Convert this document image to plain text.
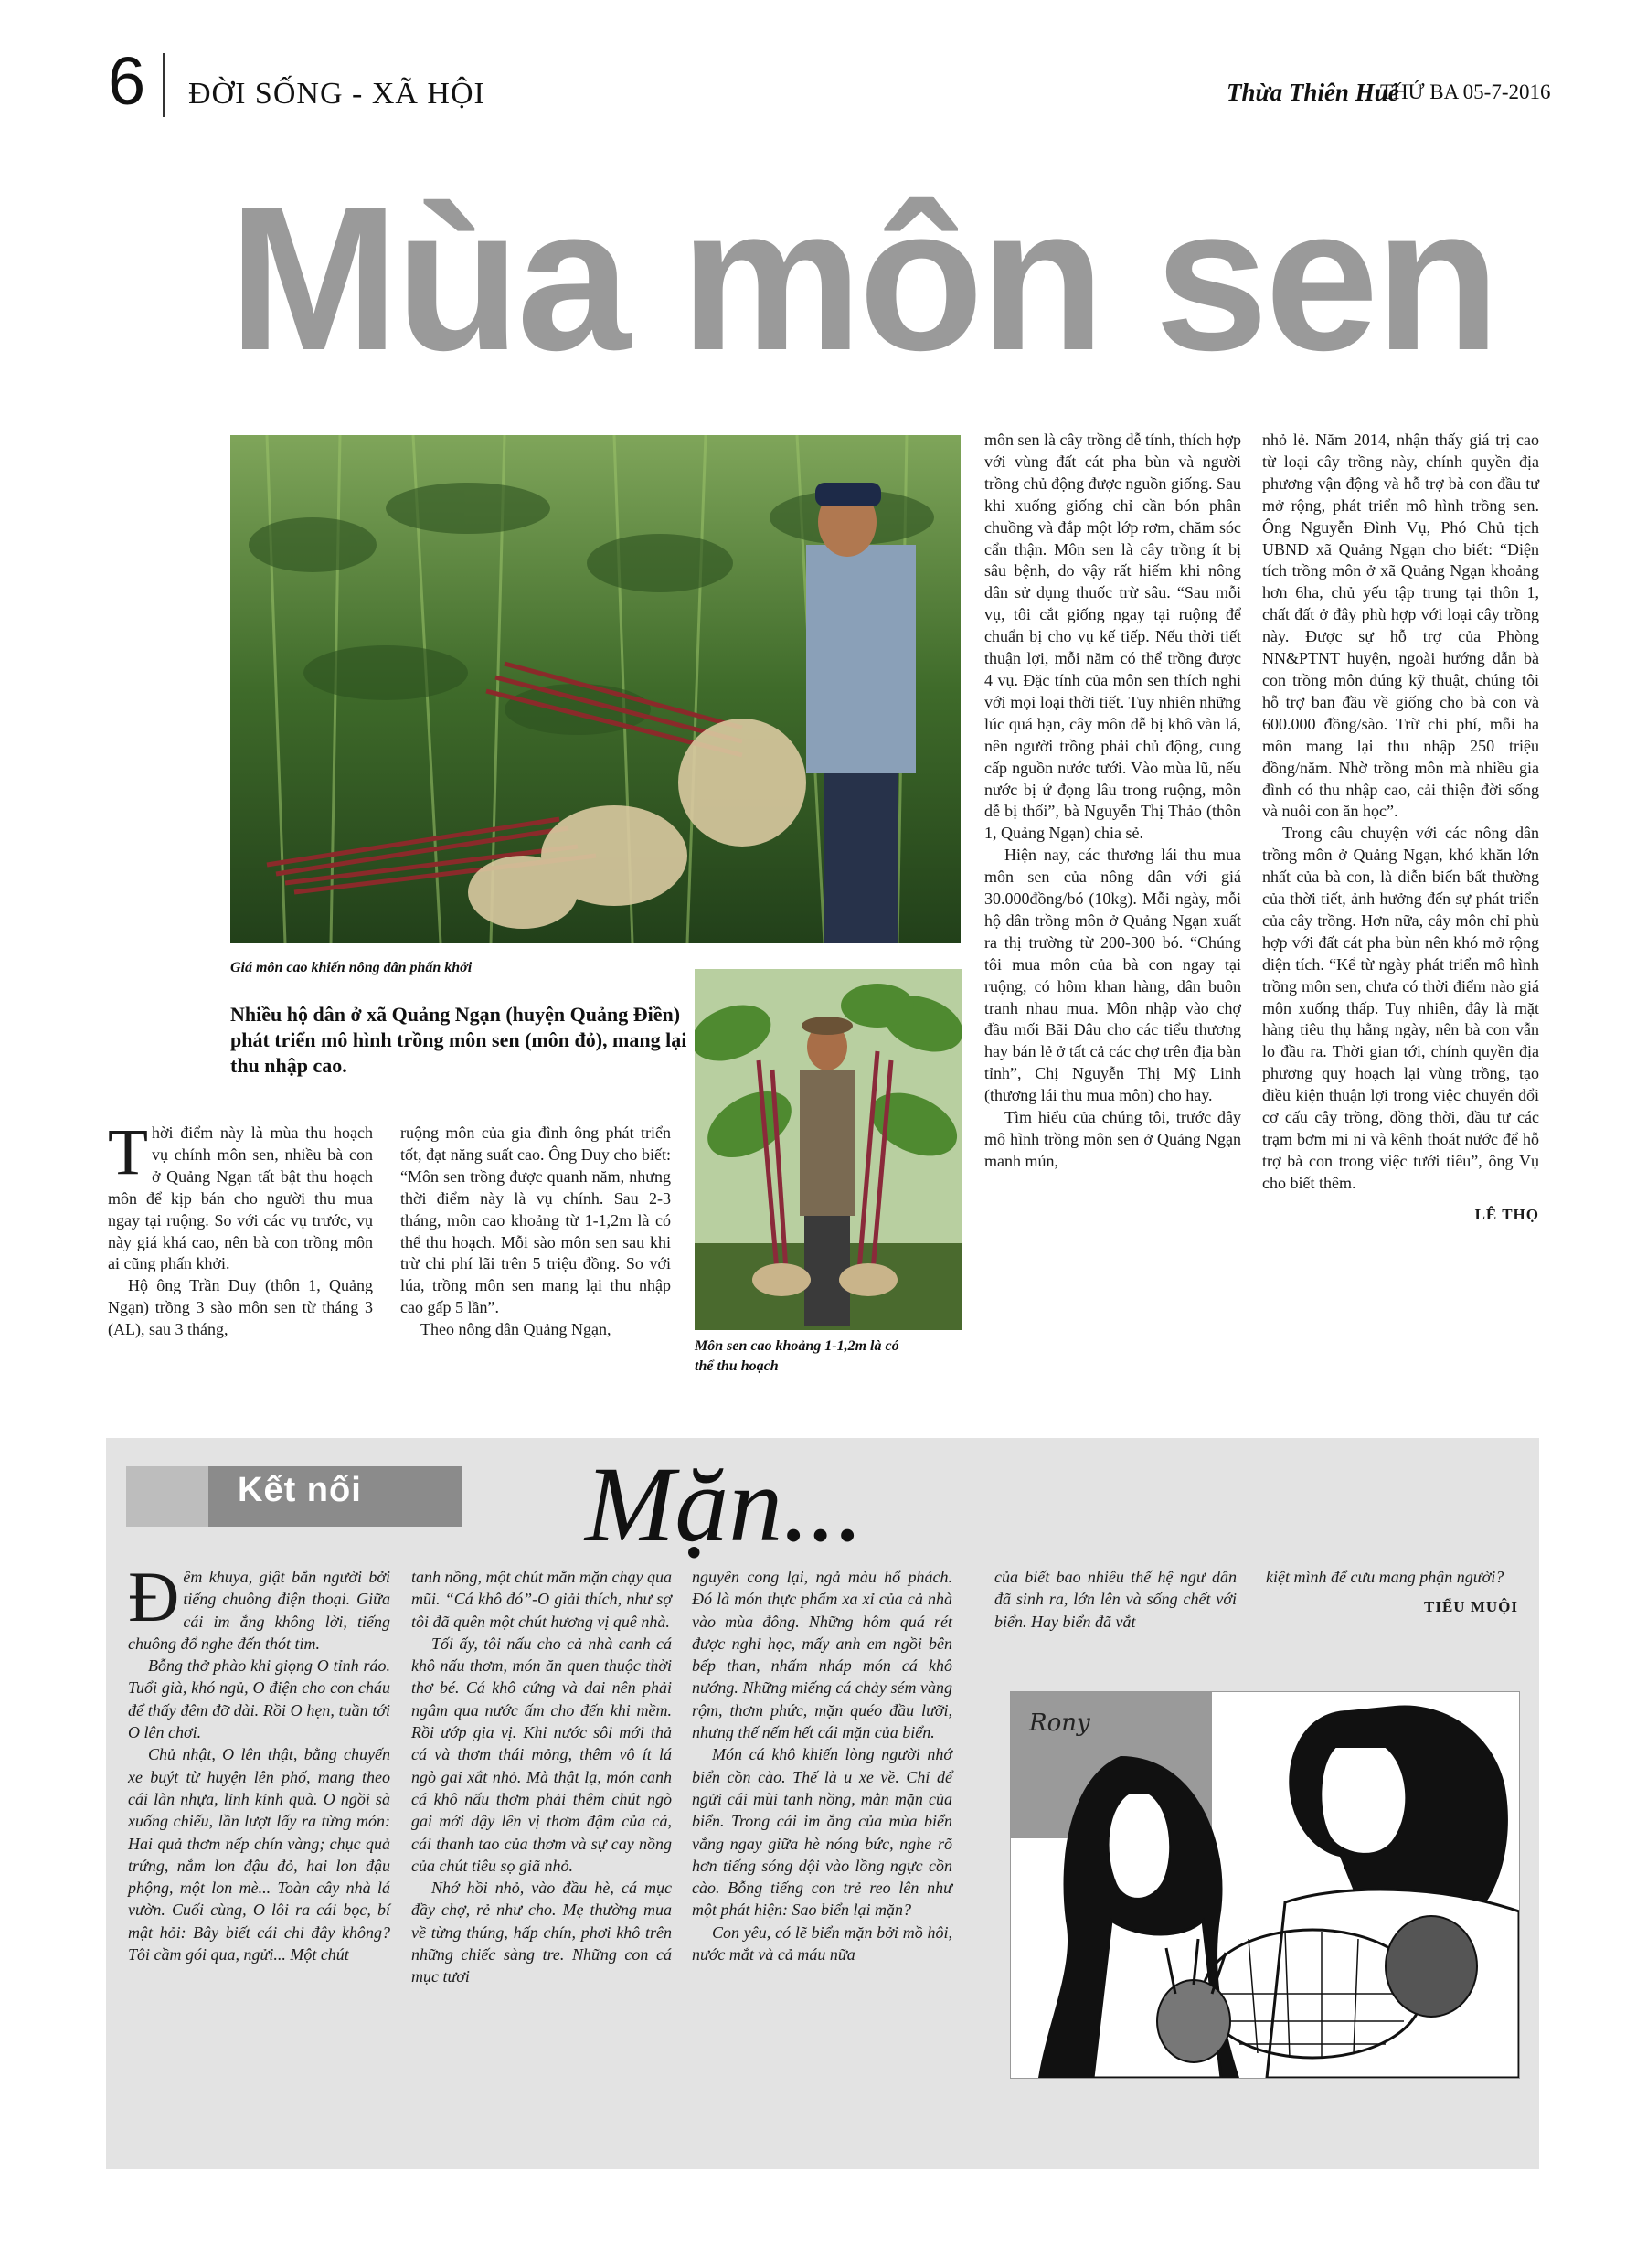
6 ĐỜI SỐNG - XÃ HỘI	Thừa Thiên Huế
THỨ BA 05-7-2016
Mùa môn sen
Giá môn cao khiến nông dân phấn khởi
Môn sen cao khoảng 1-1,2m là có thể thu hoạch
Nhiều hộ dân ở xã Quảng Ngạn (huyện Quảng Điền) phát triển mô hình trồng môn sen (môn đỏ), mang lại thu nhập cao.

Thời điểm này là mùa thu hoạch vụ chính môn sen, nhiều bà con ở Quảng Ngạn tất bật thu hoạch môn để kịp bán cho người thu mua ngay tại ruộng. So với các vụ trước, vụ này giá khá cao, nên bà con trồng môn ai cũng phấn khởi.

Hộ ông Trần Duy (thôn 1, Quảng Ngạn) trồng 3 sào môn sen từ tháng 3 (AL), sau 3 tháng,

ruộng môn của gia đình ông phát triển tốt, đạt năng suất cao. Ông Duy cho biết: “Môn sen trồng được quanh năm, nhưng thời điểm này là vụ chính. Sau 2-3 tháng, môn cao khoảng từ 1-1,2m là có thể thu hoạch. Mỗi sào môn sen sau khi trừ chi phí lãi trên 5 triệu đồng. So với lúa, trồng môn sen mang lại thu nhập cao gấp 5 lần”.

Theo nông dân Quảng Ngạn,

môn sen là cây trồng dễ tính, thích hợp với vùng đất cát pha bùn và người trồng chủ động được nguồn giống. Sau khi xuống giống chỉ cần bón phân chuồng và đắp một lớp rơm, chăm sóc cẩn thận. Môn sen là cây trồng ít bị sâu bệnh, do vậy rất hiếm khi nông dân sử dụng thuốc trừ sâu. “Sau mỗi vụ, tôi cắt giống ngay tại ruộng để chuẩn bị cho vụ kế tiếp. Nếu thời tiết thuận lợi, mỗi năm có thể trồng được 4 vụ. Đặc tính của môn sen thích nghi với mọi loại thời tiết. Tuy nhiên những lúc quá hạn, cây môn dễ bị khô vàn lá, nên người trồng phải chủ động, cung cấp nguồn nước tưới. Vào mùa lũ, nếu nước bị ứ đọng lâu trong ruộng, môn dễ bị thối”, bà Nguyễn Thị Thảo (thôn 1, Quảng Ngạn) chia sẻ.

Hiện nay, các thương lái thu mua môn sen của nông dân với giá 30.000đồng/bó (10kg). Mỗi ngày, mỗi hộ dân trồng môn ở Quảng Ngạn xuất ra thị trường từ 200-300 bó. “Chúng tôi mua môn của bà con ngay tại ruộng, có hôm khan hàng, dân buôn tranh nhau mua. Môn nhập vào chợ đầu mối Bãi Dâu cho các tiểu thương hay bán lẻ ở tất cả các chợ trên địa bàn tỉnh”, Chị Nguyễn Thị Mỹ Linh (thương lái thu mua môn) cho hay.

Tìm hiểu của chúng tôi, trước đây mô hình trồng môn sen ở Quảng Ngạn manh mún,

nhỏ lẻ. Năm 2014, nhận thấy giá trị cao từ loại cây trồng này, chính quyền địa phương vận động và hỗ trợ bà con đầu tư mở rộng, phát triển mô hình trồng sen. Ông Nguyễn Đình Vụ, Phó Chủ tịch UBND xã Quảng Ngạn cho biết: “Diện tích trồng môn ở xã Quảng Ngạn khoảng hơn 6ha, chủ yếu tập trung tại thôn 1, chất đất ở đây phù hợp với loại cây trồng này. Được sự hỗ trợ của Phòng NN&PTNT huyện, ngoài hướng dẫn bà con trồng môn đúng kỹ thuật, chúng tôi hỗ trợ ban đầu về giống cho bà con và 600.000 đồng/sào. Trừ chi phí, mỗi ha môn mang lại thu nhập 250 triệu đồng/năm. Nhờ trồng môn mà nhiều gia đình có thu nhập cao, cải thiện đời sống và nuôi con ăn học”.

Trong câu chuyện với các nông dân trồng môn ở Quảng Ngạn, khó khăn lớn nhất của bà con, là diễn biến bất thường của thời tiết, ảnh hưởng đến sự phát triển của cây trồng. Hơn nữa, cây môn chỉ phù hợp với đất cát pha bùn nên khó mở rộng diện tích. “Kể từ ngày phát triển mô hình trồng môn sen, chưa có thời điểm nào giá môn xuống thấp. Tuy nhiên, đây là mặt hàng tiêu thụ hằng ngày, nên bà con vẫn lo đầu ra. Thời gian tới, chính quyền địa phương quy hoạch lại vùng trồng, tạo điều kiện thuận lợi trong việc chuyển đổi cơ cấu cây trồng, đồng thời, đầu tư các trạm bơm mi ni và kênh thoát nước để hỗ trợ bà con trong việc tưới tiêu”, ông Vụ cho biết thêm.

LÊ THỌ
Kết nối Mặn...

Đêm khuya, giật bắn người bởi tiếng chuông điện thoại. Giữa cái im ắng không lời, tiếng chuông đổ nghe đến thót tim.

Bỗng thở phào khi giọng O tỉnh ráo. Tuổi già, khó ngủ, O điện cho con cháu để thấy đêm đỡ dài. Rồi O hẹn, tuần tới O lên chơi.

Chủ nhật, O lên thật, bằng chuyến xe buýt từ huyện lên phố, mang theo cái làn nhựa, lỉnh kỉnh quà. O ngồi sà xuống chiếu, lần lượt lấy ra từng món: Hai quả thơm nếp chín vàng; chục quả trứng, nắm lon đậu đỏ, hai lon đậu phộng, một lon mè... Toàn cây nhà lá vườn. Cuối cùng, O lôi ra cái bọc, bí mật hỏi: Bây biết cái chi đây không? Tôi cầm gói qua, ngửi... Một chút

tanh nồng, một chút mằn mặn chạy qua mũi. “Cá khô đó”-O giải thích, như sợ tôi đã quên một chút hương vị quê nhà.

Tối ấy, tôi nấu cho cả nhà canh cá khô nấu thơm, món ăn quen thuộc thời thơ bé. Cá khô cứng và dai nên phải ngâm qua nước ấm cho đến khi mềm. Rồi ướp gia vị. Khi nước sôi mới thả cá và thơm thái mỏng, thêm vô ít lá ngò gai xắt nhỏ. Mà thật lạ, món canh cá khô nấu thơm phải thêm chút ngò gai mới dậy lên vị thơm đậm của cá, cái thanh tao của thơm và sự cay nồng của chút tiêu sọ giã nhỏ.

Nhớ hồi nhỏ, vào đầu hè, cá mục đầy chợ, rẻ như cho. Mẹ thường mua về từng thúng, hấp chín, phơi khô trên những chiếc sàng tre. Những con cá mục tươi

nguyên cong lại, ngả màu hổ phách. Đó là món thực phẩm xa xỉ của cả nhà vào mùa đông. Những hôm quá rét được nghỉ học, mấy anh em ngồi bên bếp than, nhấm nháp món cá khô nướng. Những miếng cá chảy sém vàng rộm, thơm phức, mặn quéo đầu lưỡi, nhưng thế nếm hết cái mặn của biển.

Món cá khô khiến lòng người nhớ biển cồn cào. Thế là u xe về. Chỉ để ngửi cái mùi tanh nồng, mằn mặn của biển. Trong cái im ắng của mùa biển vắng ngay giữa hè nóng bức, nghe rõ hơn tiếng sóng dội vào lồng ngực cồn cào. Bỗng tiếng con trẻ reo lên như một phát hiện: Sao biển lại mặn?

Con yêu, có lẽ biển mặn bởi mồ hôi, nước mắt và cả máu nữa

của biết bao nhiêu thế hệ ngư dân đã sinh ra, lớn lên và sống chết với biển. Hay biển đã vắt

kiệt mình để cưu mang phận người?

TIỂU MUỘI
Rony
